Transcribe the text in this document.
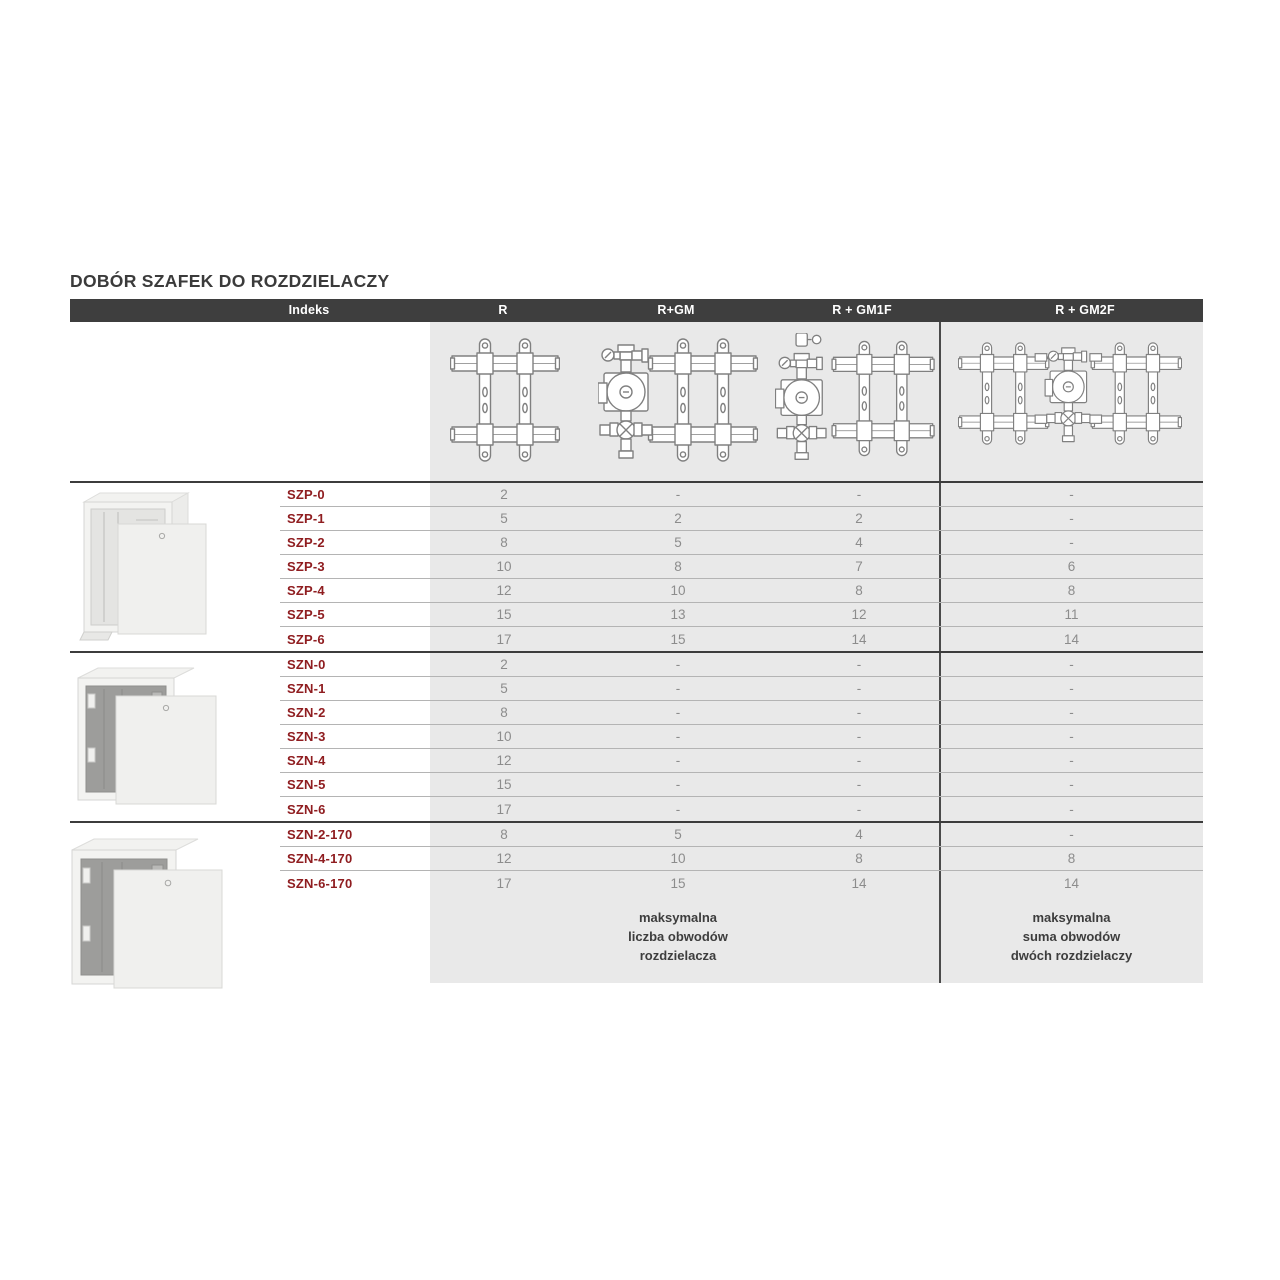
DOBÓR SZAFEK DO ROZDZIELACZY
Indeks	R	R+GM	R + GM1F	R + GM2F
SZP-0	2	-	-	-
SZP-1	5	2	2	-
SZP-2	8	5	4	-
SZP-3	10	8	7	6
SZP-4	12	10	8	8
SZP-5	15	13	12	11
SZP-6	17	15	14	14
SZN-0	2	-	-	-
SZN-1	5	-	-	-
SZN-2	8	-	-	-
SZN-3	10	-	-	-
SZN-4	12	-	-	-
SZN-5	15	-	-	-
SZN-6	17	-	-	-
SZN-2-170	8	5	4	-
SZN-4-170	12	10	8	8
SZN-6-170	17	15	14	14
maksymalna
liczba obwodów
rozdzielacza
maksymalna
suma obwodów
dwóch rozdzielaczy
